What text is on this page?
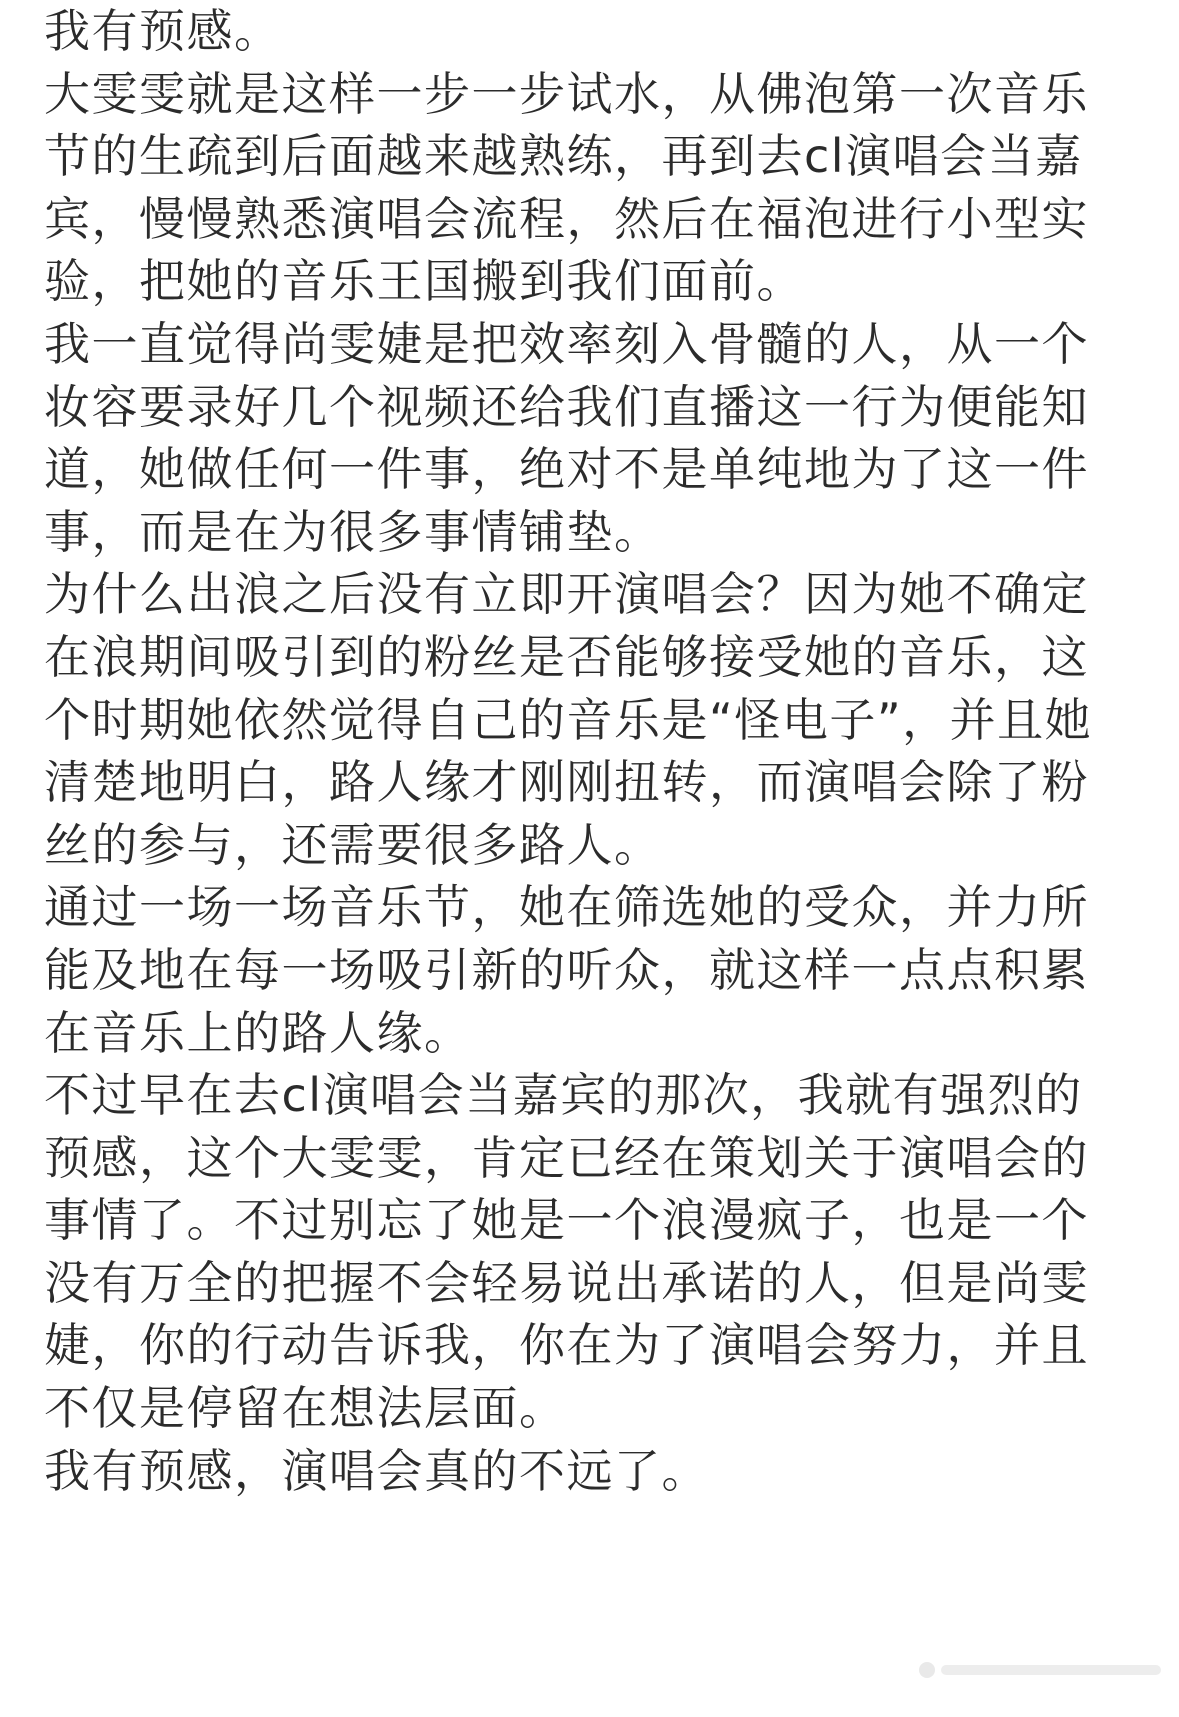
我有预感。

大雯雯就是这样一步一步试水，从佛泡第一次音乐

节的生疏到后面越来越熟练，再到去cl演唱会当嘉

宾，慢慢熟悉演唱会流程，然后在福泡进行小型实

验，把她的音乐王国搬到我们面前。

我一直觉得尚雯婕是把效率刻入骨髓的人，从一个

妆容要录好几个视频还给我们直播这一行为便能知

道，她做任何一件事，绝对不是单纯地为了这一件

事，而是在为很多事情铺垫。

为什么出浪之后没有立即开演唱会？因为她不确定

在浪期间吸引到的粉丝是否能够接受她的音乐，这

个时期她依然觉得自己的音乐是“怪电子”，并且她

清楚地明白，路人缘才刚刚扭转，而演唱会除了粉

丝的参与，还需要很多路人。

通过一场一场音乐节，她在筛选她的受众，并力所

能及地在每一场吸引新的听众，就这样一点点积累

在音乐上的路人缘。

不过早在去cl演唱会当嘉宾的那次，我就有强烈的

预感，这个大雯雯，肯定已经在策划关于演唱会的

事情了。不过别忘了她是一个浪漫疯子，也是一个

没有万全的把握不会轻易说出承诺的人，但是尚雯

婕，你的行动告诉我，你在为了演唱会努力，并且

不仅是停留在想法层面。

我有预感，演唱会真的不远了。
